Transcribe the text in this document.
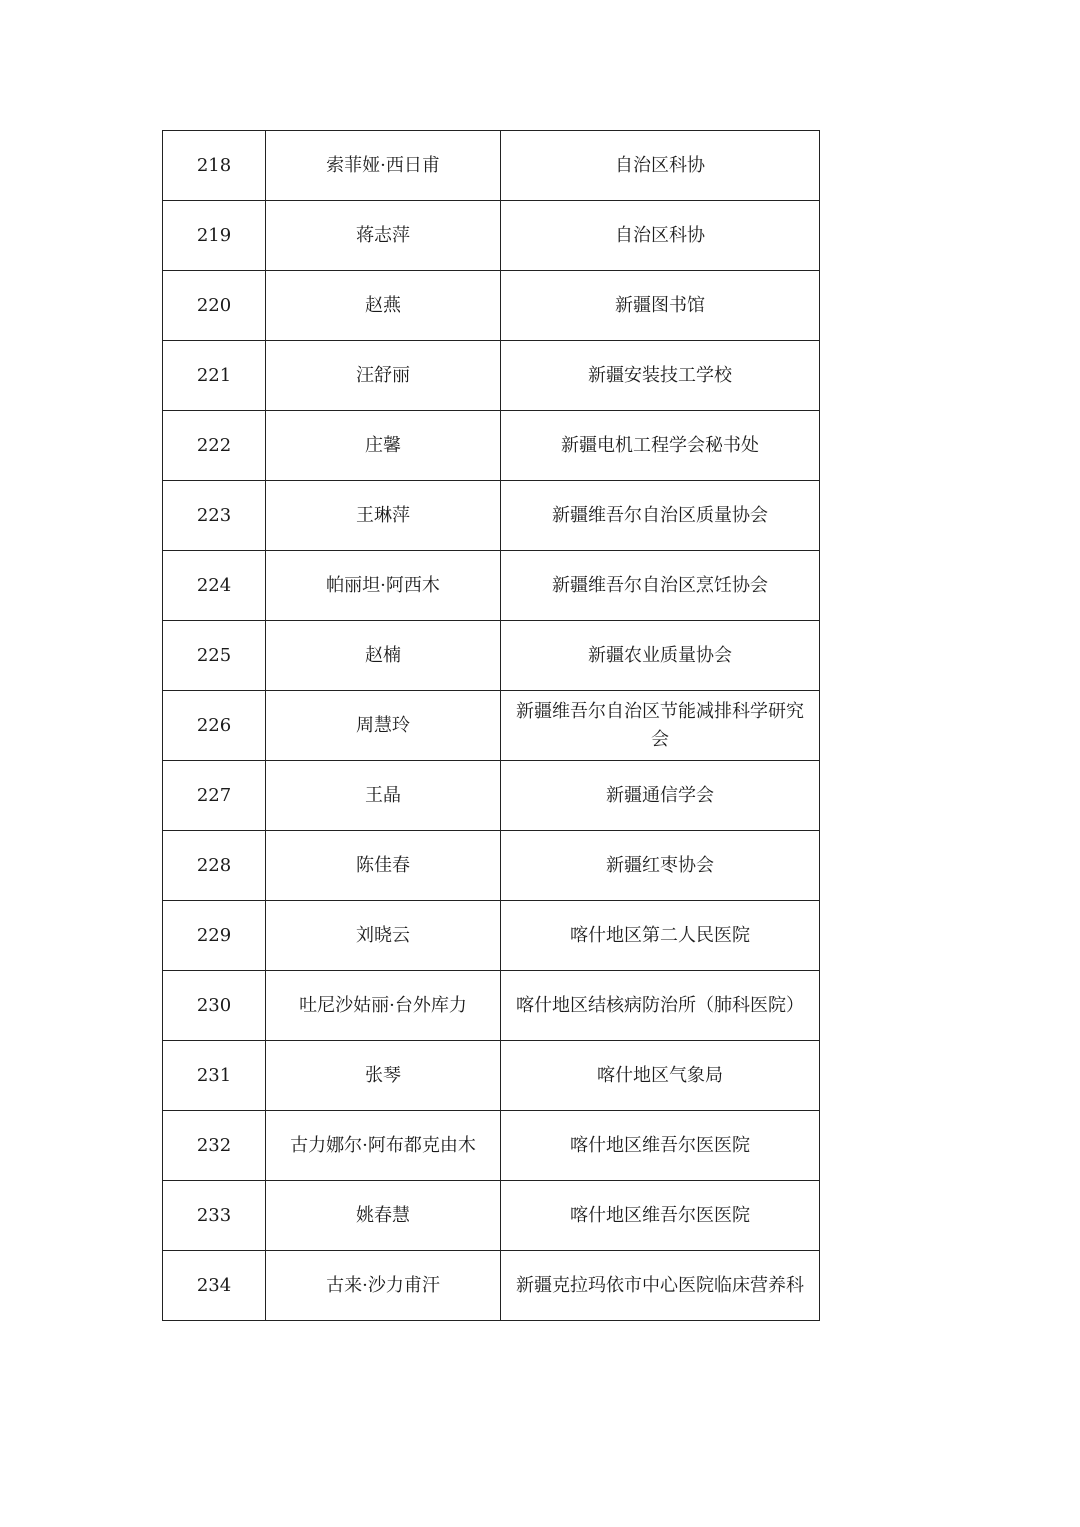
218	索菲娅·西日甫	自治区科协
219	蒋志萍	自治区科协
220	赵燕	新疆图书馆
221	汪舒丽	新疆安装技工学校
222	庄馨	新疆电机工程学会秘书处
223	王琳萍	新疆维吾尔自治区质量协会
224	帕丽坦·阿西木	新疆维吾尔自治区烹饪协会
225	赵楠	新疆农业质量协会
226	周慧玲	新疆维吾尔自治区节能减排科学研究会
227	王晶	新疆通信学会
228	陈佳春	新疆红枣协会
229	刘晓云	喀什地区第二人民医院
230	吐尼沙姑丽·台外库力	喀什地区结核病防治所（肺科医院）
231	张琴	喀什地区气象局
232	古力娜尔·阿布都克由木	喀什地区维吾尔医医院
233	姚春慧	喀什地区维吾尔医医院
234	古来·沙力甫汗	新疆克拉玛依市中心医院临床营养科
